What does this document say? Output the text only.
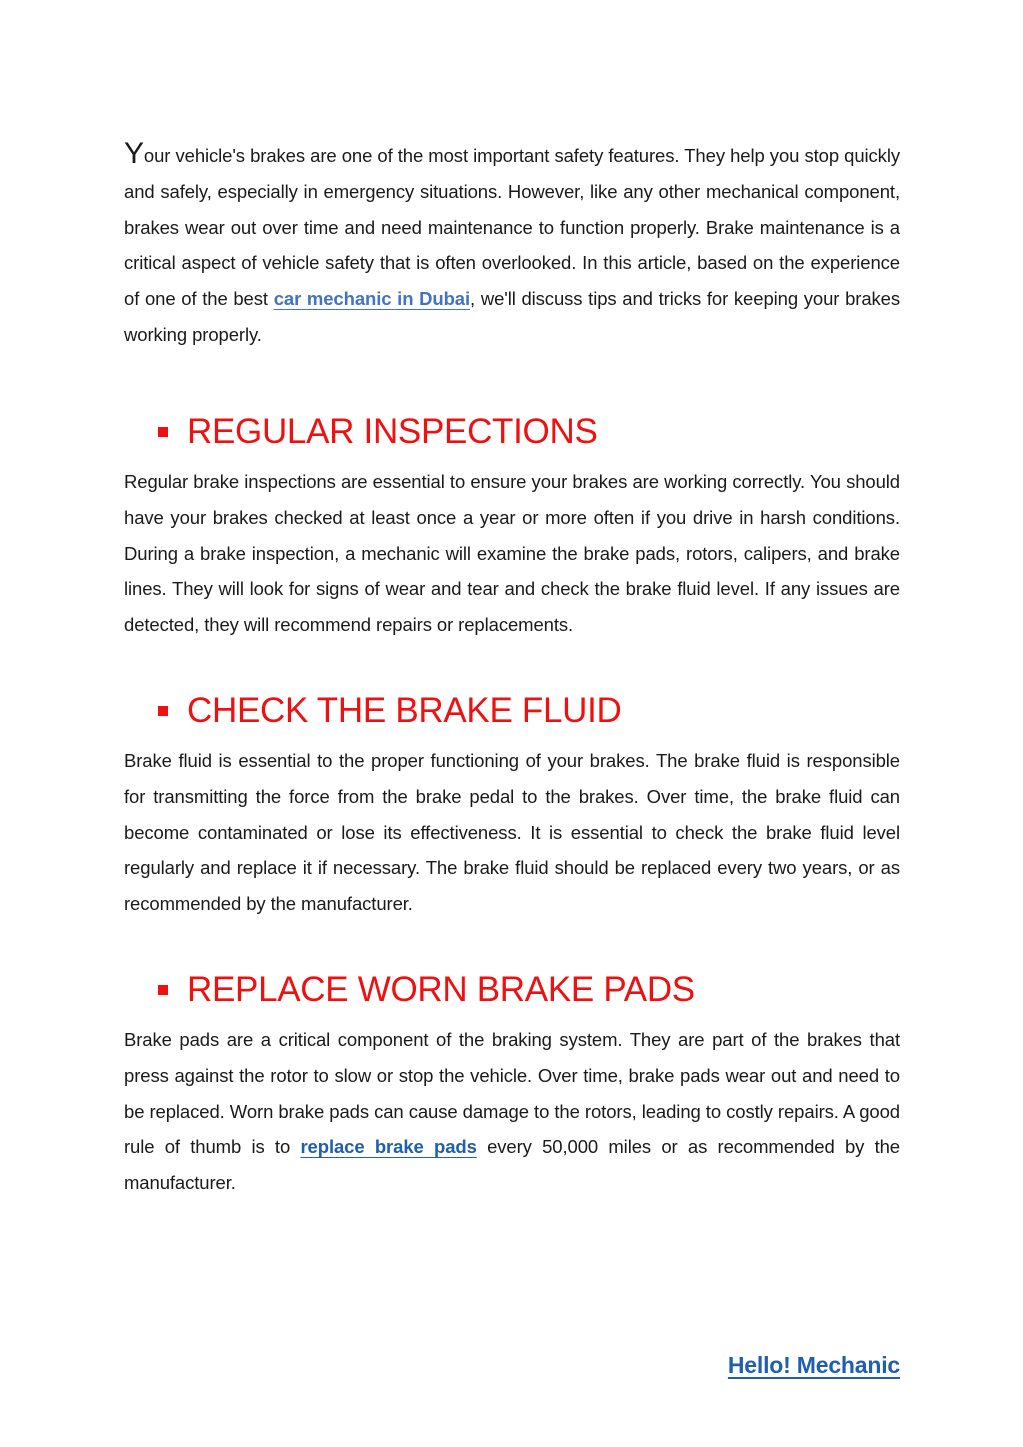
Your vehicle's brakes are one of the most important safety features. They help you stop quickly and safely, especially in emergency situations. However, like any other mechanical component, brakes wear out over time and need maintenance to function properly. Brake maintenance is a critical aspect of vehicle safety that is often overlooked. In this article, based on the experience of one of the best car mechanic in Dubai, we'll discuss tips and tricks for keeping your brakes working properly.

REGULAR INSPECTIONS

Regular brake inspections are essential to ensure your brakes are working correctly. You should have your brakes checked at least once a year or more often if you drive in harsh conditions. During a brake inspection, a mechanic will examine the brake pads, rotors, calipers, and brake lines. They will look for signs of wear and tear and check the brake fluid level. If any issues are detected, they will recommend repairs or replacements.

CHECK THE BRAKE FLUID

Brake fluid is essential to the proper functioning of your brakes. The brake fluid is responsible for transmitting the force from the brake pedal to the brakes. Over time, the brake fluid can become contaminated or lose its effectiveness. It is essential to check the brake fluid level regularly and replace it if necessary. The brake fluid should be replaced every two years, or as recommended by the manufacturer.

REPLACE WORN BRAKE PADS

Brake pads are a critical component of the braking system. They are part of the brakes that press against the rotor to slow or stop the vehicle. Over time, brake pads wear out and need to be replaced. Worn brake pads can cause damage to the rotors, leading to costly repairs. A good rule of thumb is to replace brake pads every 50,000 miles or as recommended by the manufacturer.

Hello! Mechanic
